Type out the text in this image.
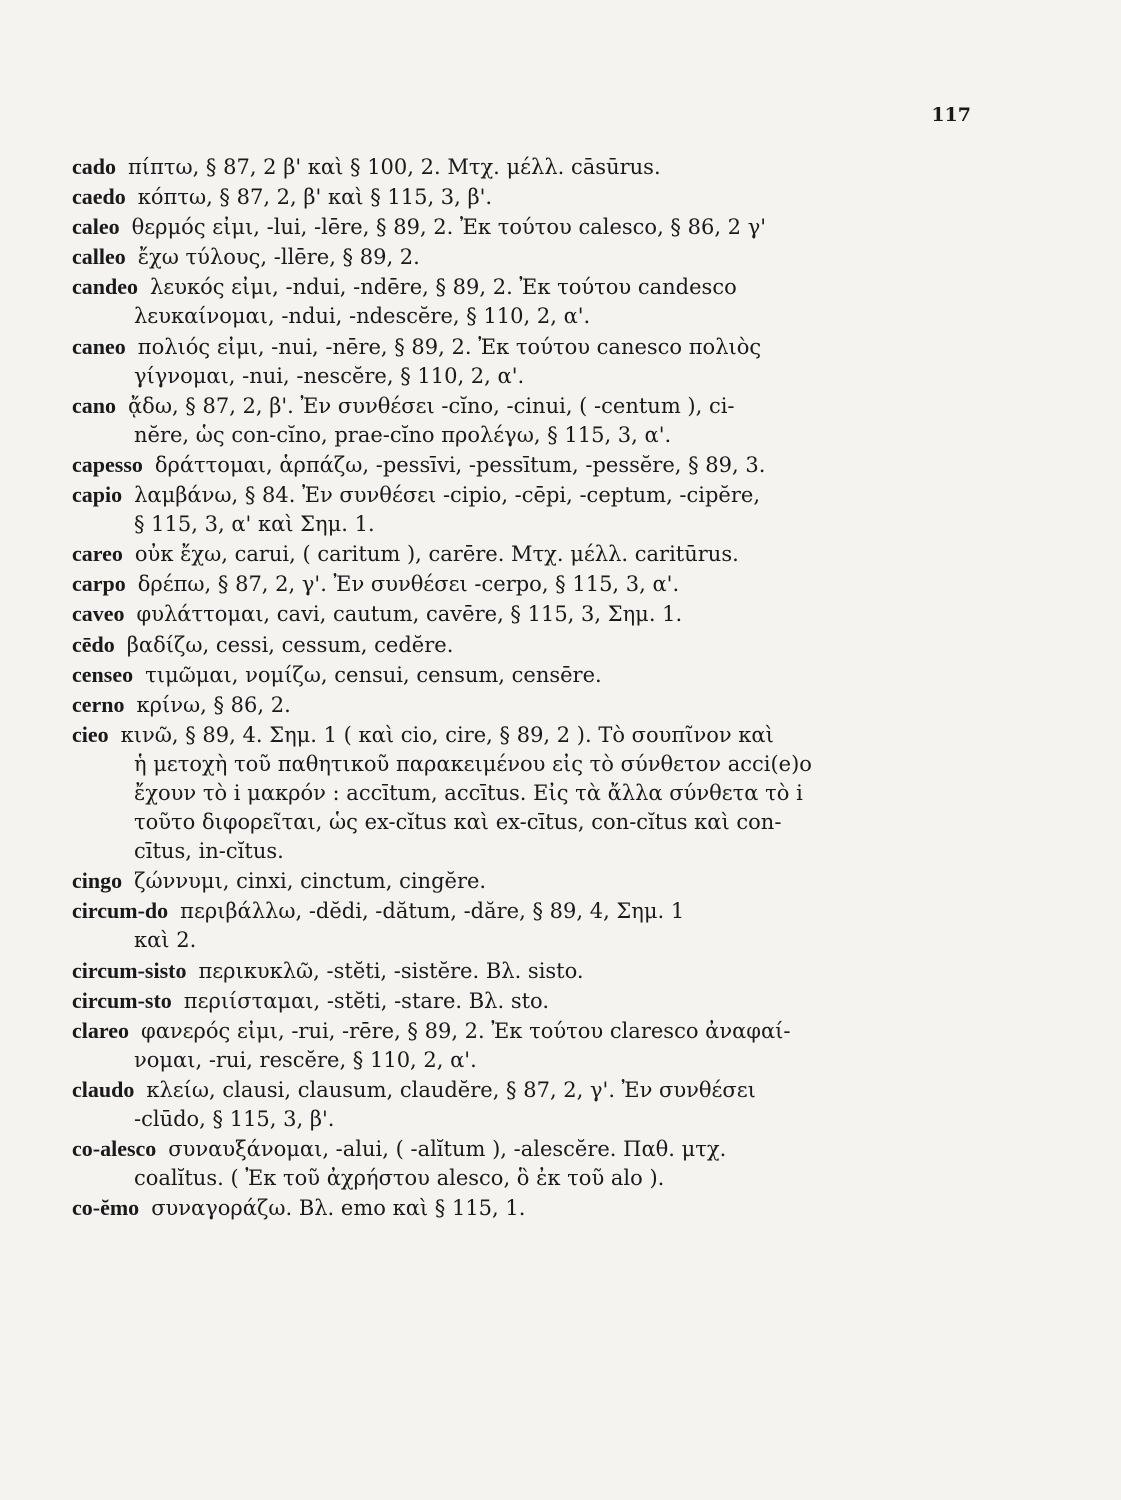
117
cado πίπτω, § 87, 2 β' καὶ § 100, 2. Μτχ. μέλλ. cāsūrus.
caedo κόπτω, § 87, 2, β' καὶ § 115, 3, β'.
caleo θερμός εἰμι, -lui, -lēre, § 89, 2. Ἐκ τούτου calesco, § 86, 2 γ'
calleo ἔχω τύλους, -llēre, § 89, 2.
candeo λευκός εἰμι, -ndui, -ndēre, § 89, 2. Ἐκ τούτου candesco
λευκαίνομαι, -ndui, -ndescĕre, § 110, 2, α'.
caneo πολιός εἰμι, -nui, -nēre, § 89, 2. Ἐκ τούτου canesco πολιὸς
γίγνομαι, -nui, -nescĕre, § 110, 2, α'.
cano ᾄδω, § 87, 2, β'. Ἐν συνθέσει -cĭno, -cinui, ( -centum ), ci-
nĕre, ὡς con-cĭno, prae-cĭno προλέγω, § 115, 3, α'.
capesso δράττομαι, ἁρπάζω, -pessīvi, -pessītum, -pessĕre, § 89, 3.
capio λαμβάνω, § 84. Ἐν συνθέσει -cipio, -cēpi, -ceptum, -cipĕre,
§ 115, 3, α' καὶ Σημ. 1.
careo οὐκ ἔχω, carui, ( caritum ), carēre. Μτχ. μέλλ. caritūrus.
carpo δρέπω, § 87, 2, γ'. Ἐν συνθέσει -cerpo, § 115, 3, α'.
caveo φυλάττομαι, cavi, cautum, cavēre, § 115, 3, Σημ. 1.
cēdo βαδίζω, cessi, cessum, cedĕre.
censeo τιμῶμαι, νομίζω, censui, censum, censēre.
cerno κρίνω, § 86, 2.
cieo κινῶ, § 89, 4. Σημ. 1 ( καὶ cio, cire, § 89, 2 ). Τὸ σουπῖνον καὶ
ἡ μετοχὴ τοῦ παθητικοῦ παρακειμένου εἰς τὸ σύνθετον acci(e)o
ἔχουν τὸ i μακρόν : accītum, accītus. Εἰς τὰ ἄλλα σύνθετα τὸ i
τοῦτο διφορεῖται, ὡς ex-cĭtus καὶ ex-cītus, con-cĭtus καὶ con-
cītus, in-cĭtus.
cingo ζώννυμι, cinxi, cinctum, cingĕre.
circum-do περιβάλλω, -dĕdi, -dătum, -dăre, § 89, 4, Σημ. 1
καὶ 2.
circum-sisto περικυκλῶ, -stĕti, -sistĕre. Βλ. sisto.
circum-sto περιίσταμαι, -stĕti, -stare. Βλ. sto.
clareo φανερός εἰμι, -rui, -rēre, § 89, 2. Ἐκ τούτου claresco ἀναφαί-
νομαι, -rui, rescĕre, § 110, 2, α'.
claudo κλείω, clausi, clausum, claudĕre, § 87, 2, γ'. Ἐν συνθέσει
-clūdo, § 115, 3, β'.
co-alesco συναυξάνομαι, -alui, ( -alĭtum ), -alescĕre. Παθ. μτχ.
coalĭtus. ( Ἐκ τοῦ ἀχρήστου alesco, ὃ ἐκ τοῦ alo ).
co-ĕmo συναγοράζω. Βλ. emo καὶ § 115, 1.
